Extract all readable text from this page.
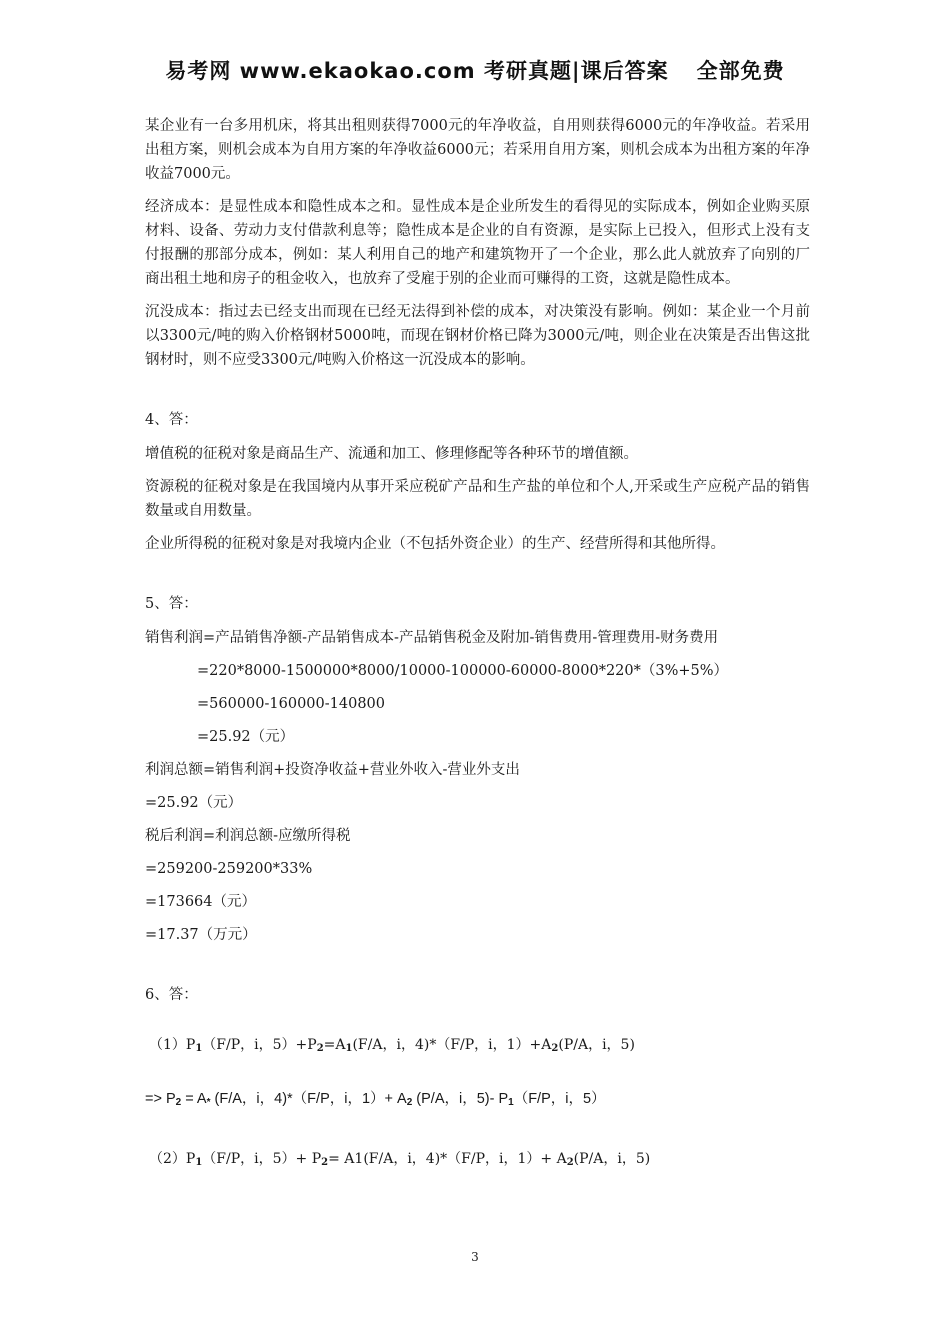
易考网 www.ekaokao.com 考研真题|课后答案 全部免费

某企业有一台多用机床，将其出租则获得7000元的年净收益，自用则获得6000元的年净收益。若采用出租方案，则机会成本为自用方案的年净收益6000元；若采用自用方案，则机会成本为出租方案的年净收益7000元。

经济成本：是显性成本和隐性成本之和。显性成本是企业所发生的看得见的实际成本，例如企业购买原材料、设备、劳动力支付借款利息等；隐性成本是企业的自有资源，是实际上已投入，但形式上没有支付报酬的那部分成本，例如：某人利用自己的地产和建筑物开了一个企业，那么此人就放弃了向别的厂商出租土地和房子的租金收入，也放弃了受雇于别的企业而可赚得的工资，这就是隐性成本。

沉没成本：指过去已经支出而现在已经无法得到补偿的成本，对决策没有影响。例如：某企业一个月前以3300元/吨的购入价格钢材5000吨，而现在钢材价格已降为3000元/吨，则企业在决策是否出售这批钢材时，则不应受3300元/吨购入价格这一沉没成本的影响。

4、答：

增值税的征税对象是商品生产、流通和加工、修理修配等各种环节的增值额。

资源税的征税对象是在我国境内从事开采应税矿产品和生产盐的单位和个人,开采或生产应税产品的销售数量或自用数量。

企业所得税的征税对象是对我境内企业（不包括外资企业）的生产、经营所得和其他所得。

5、答：
销售利润=产品销售净额-产品销售成本-产品销售税金及附加-销售费用-管理费用-财务费用
=220*8000-1500000*8000/10000-100000-60000-8000*220*（3%+5%）
=560000-160000-140800
=25.92（元）
利润总额=销售利润+投资净收益+营业外收入-营业外支出
=25.92（元）
税后利润=利润总额-应缴所得税
=259200-259200*33%
=173664（元）
=17.37（万元）
6、答：
$(1)P_1(F/P$，i，$5)+P_2=A_1(F/A$，i，4)*（F/P，i，$1)+A_2(P/A$，i，5)
=> $P_2 = A_*$ (F/A，i，4)*（F/P，i，$1)+ A_2$ (P/A，i，5)- $P_1(F/P$，i，5）
$(2)P_1(F/P$，i，$5)+ P_2= A1(F/A$，i，4)*（F/P，i，$1)+ A_2(P/A$，i，5)
3
